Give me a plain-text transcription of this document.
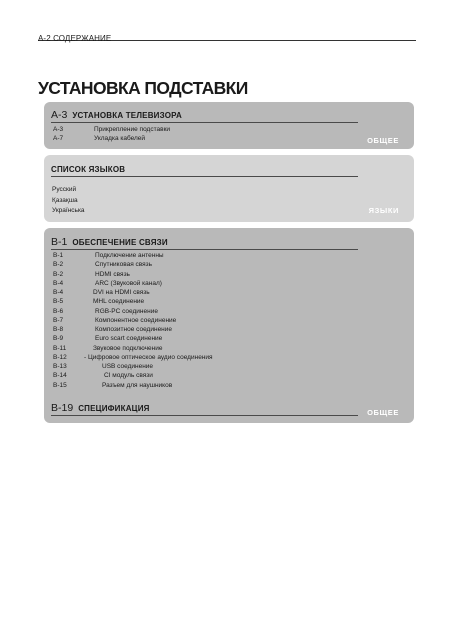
А-2 СОДЕРЖАНИЕ
УСТАНОВКА ПОДСТАВКИ
А-3 УСТАНОВКА ТЕЛЕВИЗОРА
А-3	Прикрепление подставки
А-7	Укладка кабелей	ОБЩЕЕ
СПИСОК ЯЗЫКОВ
Русский
Қазақша
Українська	ЯЗЫКИ
В-1 ОБЕСПЕЧЕНИЕ СВЯЗИ
В-1	Подключение антенны
В-2	Спутниковая связь
В-2	HDMI связь
В-4	ARC (Звуковой канал)
В-4	DVI на HDMI связь
В-5	MHL соединение
В-6	RGB-PC соединение
В-7	Компонентное соединение
В-8	Композитное соединение
В-9	Euro scart соединение
В-11	Звуковое подключение
В-12	- Цифровое оптическое аудио соединения
В-13	USB соединение
В-14	CI модуль связи
В-15	Разъем для наушников
В-19 СПЕЦИФИКАЦИЯ	ОБЩЕЕ
